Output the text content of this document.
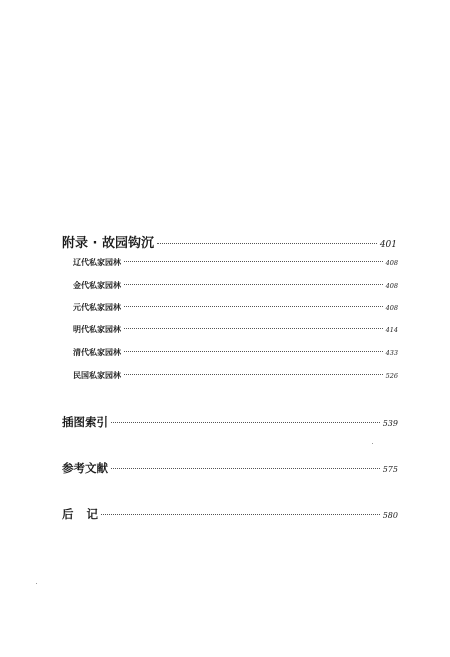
附录 · 故园钩沉	401
辽代私家园林	408
金代私家园林	408
元代私家园林	408
明代私家园林	414
清代私家园林	433
民国私家园林	526
插图索引	539
参考文献	575
后 记	580
